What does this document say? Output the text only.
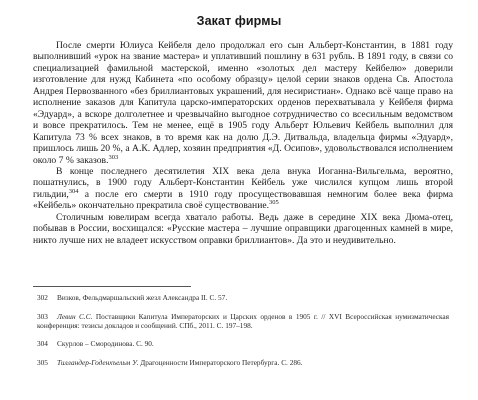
Закат фирмы

После смерти Юлиуса Кейбеля дело продолжал его сын Альберт-Константин, в 1881 году выполнивший «урок на звание мастера» и уплативший пошлину в 631 рубль. В 1891 году, в связи со специализацией фамильной мастерской, именно «золотых дел мастеру Кейбелю» доверили изготовление для нужд Кабинета «по особому образцу» целой серии знаков ордена Св. Апостола Андрея Первозванного «без бриллиантовых украшений, для несиристиан». Однако всё чаще право на исполнение заказов для Капитула царско-императорских орденов перехватывала у Кейбеля фирма «Эдуард», а вскоре долголетнее и чрезвычайно выгодное сотрудничество со всесильным ведомством и вовсе прекратилось. Тем не менее, ещё в 1905 году Альберт Юльевич Кейбель выполнил для Капитула 73 % всех знаков, в то время как на долю Д.Э. Дитвальда, владельца фирмы «Эдуард», пришлось лишь 20 %, а А.К. Адлер, хозяин предприятия «Д. Осипов», удовольствовался исполнением около 7 % заказов.$^{303}$

В конце последнего десятилетия XIX века дела внука Иоганна-Вильгельма, вероятно, пошатнулись, в 1900 году Альберт-Константин Кейбель уже числился купцом лишь второй гильдии,$^{304}$ а после его смерти в 1910 году просуществовавшая немногим более века фирма «Кейбель» окончательно прекратила своё существование.$^{305}$

Столичным ювелирам всегда хватало работы. Ведь даже в середине XIX века Дюма-отец, побывав в России, восхищался: «Русские мастера – лучшие оправщики драгоценных камней в мире, никто лучше них не владеет искусством оправки бриллиантов». Да это и неудивительно.

302 Визков, Фельдмаршальский жезл Александра II. С. 57.
303 Левин С.С. Поставщики Капитула Императорских и Царских орденов в 1905 г. // XVI Всероссийская нумизматическая конференция: тезисы докладов и сообщений. СПб., 2011. С. 197–198.
304 Скурлов – Смородинова. С. 90.
305 Тилландер-Годенхъельм У. Драгоценности Императорского Петербурга. С. 286.
